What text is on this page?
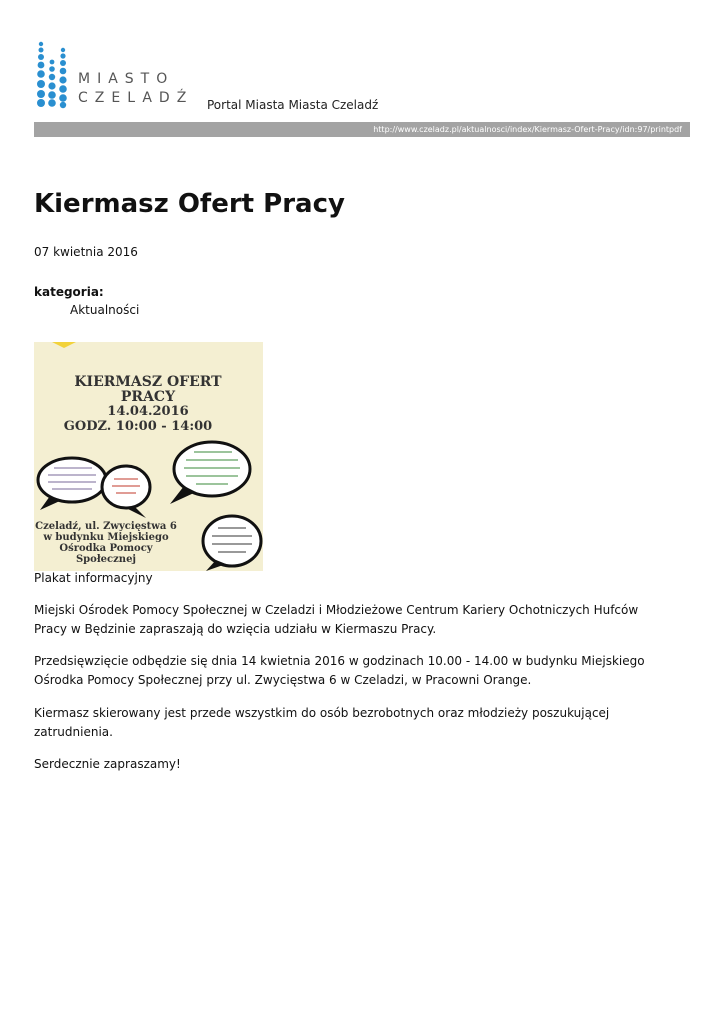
MIASTO
CZELADŹ Portal Miasta Miasta Czeladź
http://www.czeladz.pl/aktualnosci/index/Kiermasz-Ofert-Pracy/idn:97/printpdf
Kiermasz Ofert Pracy
07 kwietnia 2016
kategoria:
Aktualności
KIERMASZ OFERT
PRACY
14.04.2016
GODZ. 10:00 - 14:00
Czeladź, ul. Zwycięstwa 6
w budynku Miejskiego
Ośrodka Pomocy
Społecznej
Plakat informacyjny

Miejski Ośrodek Pomocy Społecznej w Czeladzi i Młodzieżowe Centrum Kariery Ochotniczych Hufców Pracy w Będzinie zapraszają do wzięcia udziału w Kiermaszu Pracy.

Przedsięwzięcie odbędzie się dnia 14 kwietnia 2016 w godzinach 10.00 - 14.00 w budynku Miejskiego Ośrodka Pomocy Społecznej przy ul. Zwycięstwa 6 w Czeladzi, w Pracowni Orange.

Kiermasz skierowany jest przede wszystkim do osób bezrobotnych oraz młodzieży poszukującej zatrudnienia.

Serdecznie zapraszamy!
